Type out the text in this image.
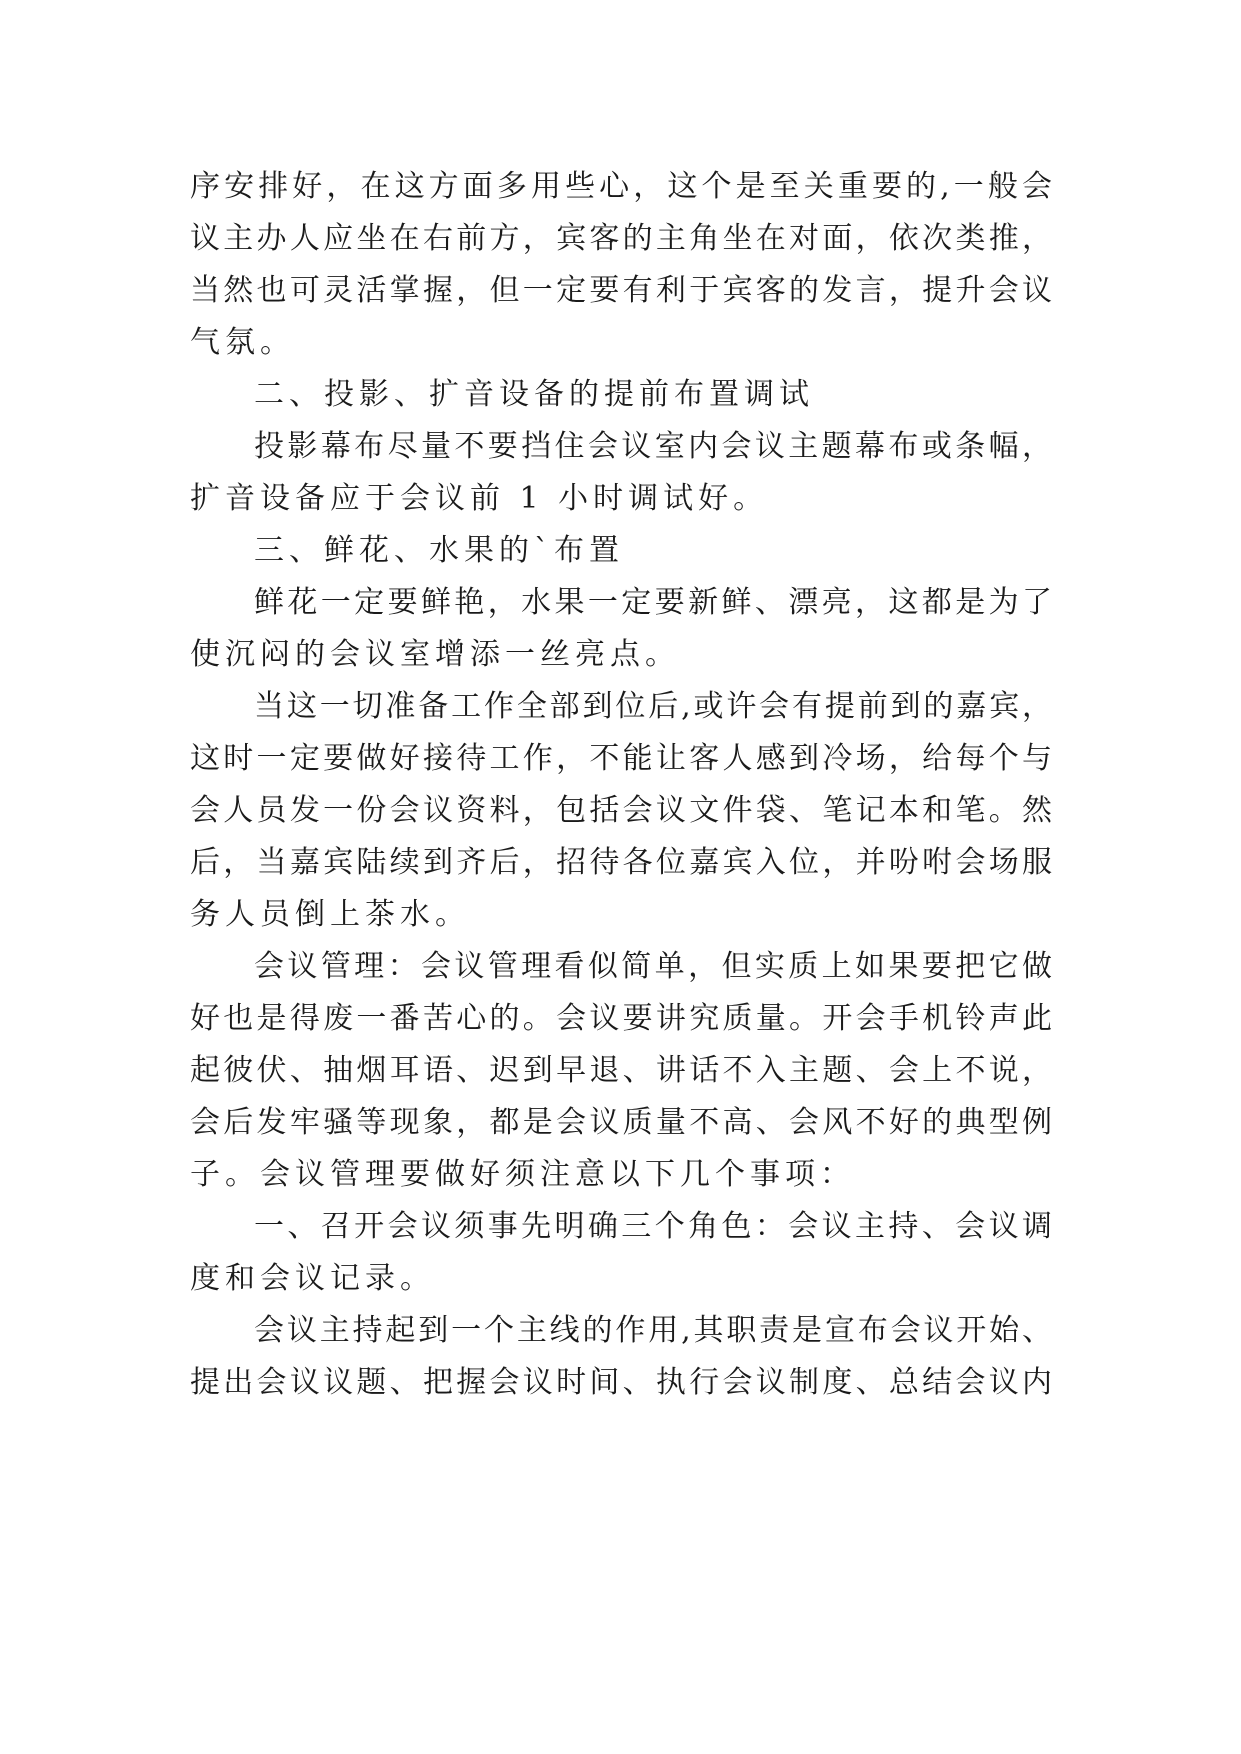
序安排好，在这方面多用些心，这个是至关重要的,一般会
议主办人应坐在右前方，宾客的主角坐在对面，依次类推，
当然也可灵活掌握，但一定要有利于宾客的发言，提升会议
气氛。
二、投影、扩音设备的提前布置调试
投影幕布尽量不要挡住会议室内会议主题幕布或条幅，
扩音设备应于会议前 1 小时调试好。
三、鲜花、水果的`布置
鲜花一定要鲜艳，水果一定要新鲜、漂亮，这都是为了
使沉闷的会议室增添一丝亮点。
当这一切准备工作全部到位后,或许会有提前到的嘉宾，
这时一定要做好接待工作，不能让客人感到冷场，给每个与
会人员发一份会议资料，包括会议文件袋、笔记本和笔。然
后，当嘉宾陆续到齐后，招待各位嘉宾入位，并吩咐会场服
务人员倒上茶水。
会议管理：会议管理看似简单，但实质上如果要把它做
好也是得废一番苦心的。会议要讲究质量。开会手机铃声此
起彼伏、抽烟耳语、迟到早退、讲话不入主题、会上不说，
会后发牢骚等现象，都是会议质量不高、会风不好的典型例
子。会议管理要做好须注意以下几个事项：
一、召开会议须事先明确三个角色：会议主持、会议调
度和会议记录。
会议主持起到一个主线的作用,其职责是宣布会议开始、
提出会议议题、把握会议时间、执行会议制度、总结会议内
